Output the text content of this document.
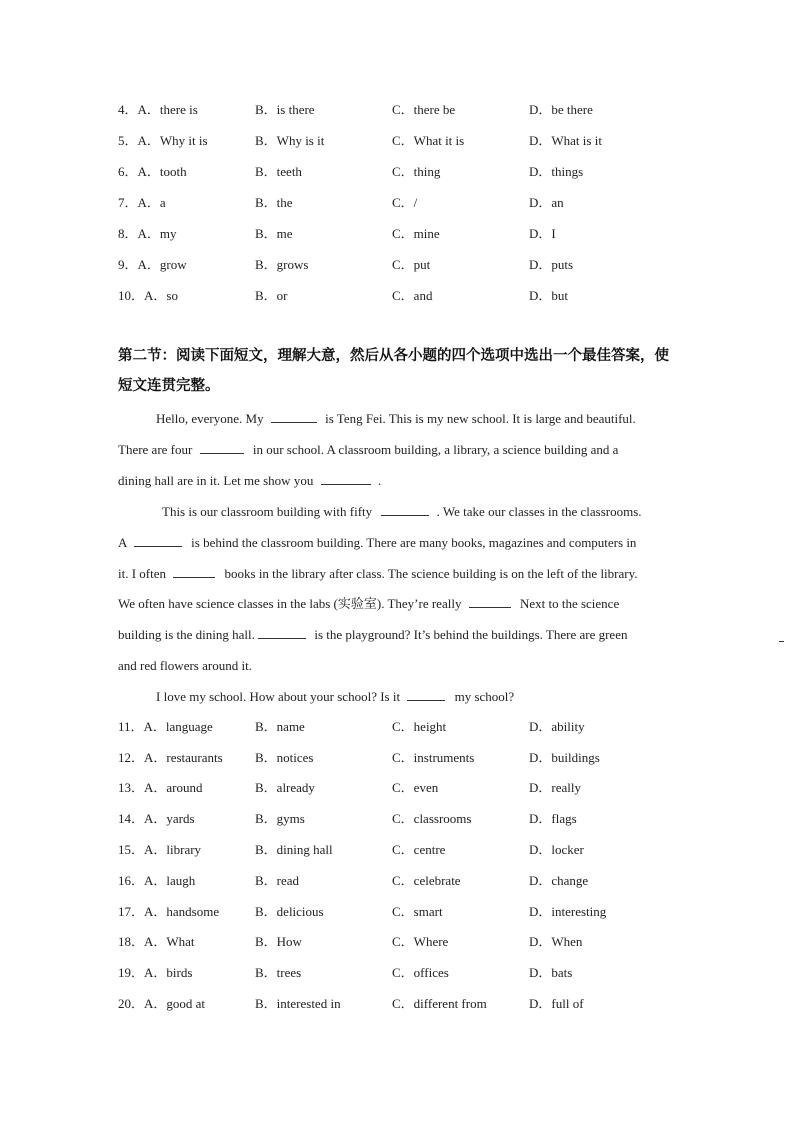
4．A．there is	B．is there	C．there be	D．be there
5．A．Why it is	B．Why is it	C．What it is	D．What is it
6．A．tooth	B．teeth	C．thing	D．things
7．A．a	B．the	C．/	D．an
8．A．my	B．me	C．mine	D．I
9．A．grow	B．grows	C．put	D．puts
10．A．so	B．or	C．and	D．but
第二节：阅读下面短文，理解大意，然后从各小题的四个选项中选出一个最佳答案，使短文连贯完整。
Hello, everyone. My	is Teng Fei. This is my new school. It is large and beautiful.
There are four	in our school. A classroom building, a library, a science building and a
dining hall are in it. Let me show you	.
This is our classroom building with fifty	. We take our classes in the classrooms.
A	is behind the classroom building. There are many books, magazines and computers in
it. I often	books in the library after class. The science building is on the left of the library.
We often have science classes in the labs (实验室). They’re really	Next to the science
building is the dining hall.	is the playground? It’s behind the buildings. There are green
and red flowers around it.
I love my school. How about your school? Is it	my school?
11．A．language	B．name	C．height	D．ability
12．A．restaurants B．notices	C．instruments	D．buildings
13．A．around	B．already	C．even	D．really
14．A．yards	B．gyms	C．classrooms	D．flags
15．A．library	B．dining hall	C．centre	D．locker
16．A．laugh	B．read	C．celebrate	D．change
17．A．handsome	B．delicious	C．smart	D．interesting
18．A．What	B．How	C．Where	D．When
19．A．birds	B．trees	C．offices	D．bats
20．A．good at	B．interested in	C．different from	D．full of
